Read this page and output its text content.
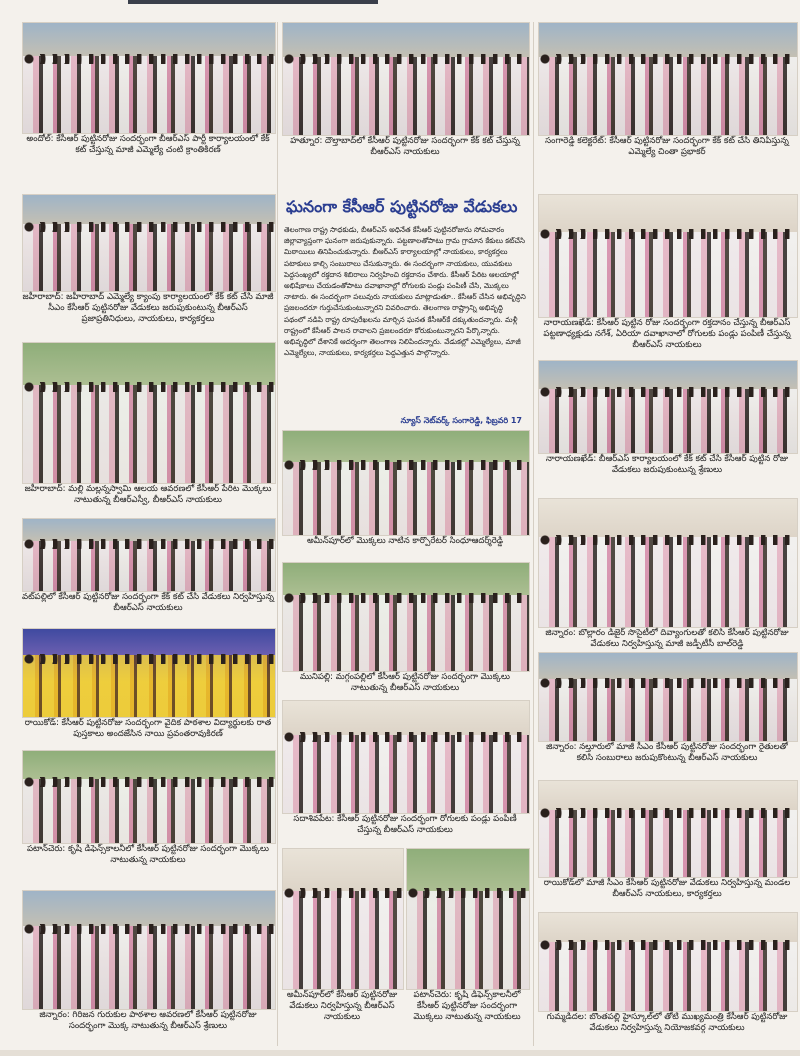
అందోల్: కేసీఆర్ పుట్టినరోజు సందర్భంగా బీఆర్ఎస్ పార్టీ కార్యాలయంలో కేక్ కట్ చేస్తున్న మాజీ ఎమ్మెల్యే చంటి క్రాంతికిరణ్
జహీరాబాద్: జహీరాబాద్ ఎమ్మెల్యే క్యాంపు కార్యాలయంలో కేక్ కట్ చేసి మాజీ సీఎం కేసీఆర్ పుట్టినరోజు వేడుకలు జరుపుకుంటున్న బీఆర్ఎస్ ప్రజాప్రతినిధులు, నాయకులు, కార్యకర్తలు
జహీరాబాద్: మల్లి మల్లన్నస్వామి ఆలయ ఆవరణలో కేసీఆర్ పేరిట మొక్కలు నాటుతున్న బీఆర్ఎస్వీ, బీఆర్ఎస్ నాయకులు
వట్‌పల్లిలో కేసీఆర్ పుట్టినరోజు సందర్భంగా కేక్ కట్ చేసి వేడుకలు నిర్వహిస్తున్న బీఆర్ఎస్ నాయకులు
రాయికోడ్: కేసీఆర్ పుట్టినరోజు సందర్భంగా వైదిక పాఠశాల విద్యార్థులకు రాత పుస్తకాలు అందజేసిన నాయి ప్రవంతరావుకిరణ్
పటాన్‌చెరు: కృషి డిఫెన్స్‌కాలనీలో కేసీఆర్ పుట్టినరోజు సందర్భంగా మొక్కలు నాటుతున్న నాయకులు
జిన్నారం: గిరిజన గురుకుల పాఠశాల ఆవరణలో కేసీఆర్ పుట్టినరోజు సందర్భంగా మొక్క నాటుతున్న బీఆర్ఎస్ శ్రేణులు
హత్నూర: దౌల్తాబాద్‌లో కేసీఆర్ పుట్టినరోజు సందర్భంగా కేక్ కట్ చేస్తున్న బీఆర్ఎస్ నాయకులు
అమీన్‌పూర్‌లో మొక్కలు నాటిన కార్పొరేటర్ సింధూఆదర్శ్‌రెడ్డి
మునిపల్లి: మగ్గంపల్లిలో కేసీఆర్ పుట్టినరోజు సందర్భంగా మొక్కలు నాటుతున్న బీఆర్ఎస్ నాయకులు
సదాశివపేట: కేసీఆర్ పుట్టినరోజు సందర్భంగా రోగులకు పండ్లు పంపిణీ చేస్తున్న బీఆర్ఎస్ నాయకులు
అమీన్‌పూర్‌లో కేసీఆర్ పుట్టినరోజు వేడుకలు నిర్వహిస్తున్న బీఆర్ఎస్ నాయకులు
పటాన్‌చెరు: కృషి డిఫెన్స్‌కాలనీలో కేసీఆర్ పుట్టినరోజు సందర్భంగా మొక్కలు నాటుతున్న నాయకులు
సంగారెడ్డి కలెక్టరేట్: కేసీఆర్ పుట్టినరోజు సందర్భంగా కేక్ కట్ చేసి తినిపిస్తున్న ఎమ్మెల్యే చింతా ప్రభాకర్
నారాయణఖేడ్: కేసీఆర్ పుట్టిన రోజు సందర్భంగా రక్తదానం చేస్తున్న బీఆర్ఎస్ పట్టణాధ్యక్షుడు నగేశ్, ఏరియా దవాఖానాలో రోగులకు పండ్లు పంపిణీ చేస్తున్న బీఆర్ఎస్ నాయకులు
నారాయణఖేడ్: బీఆర్ఎస్ కార్యాలయంలో కేక్ కట్ చేసి కేసీఆర్ పుట్టిన రోజు వేడుకలు జరుపుకుంటున్న శ్రేణులు
జిన్నారం: బొల్లారం డిజైర్ సొసైటీలో దివ్యాంగులతో కలిసి కేసీఆర్ పుట్టినరోజు వేడుకలు నిర్వహిస్తున్న మాజీ జడ్పీటీసీ బాల్‌రెడ్డి
జిన్నారం: నల్తూరులో మాజీ సీఎం కేసీఆర్ పుట్టినరోజు సందర్భంగా రైతులతో కలిసి సంబురాలు జరుపుకొంటున్న బీఆర్ఎస్ నాయకులు
రాయికోడ్‌లో మాజీ సీఎం కేసీఆర్ పుట్టినరోజు వేడుకలు నిర్వహిస్తున్న మండల బీఆర్ఎస్ నాయకులు, కార్యకర్తలు
గుమ్మడిదల: బొంతపల్లి హైస్కూల్‌లో తోటి ముఖ్యమంత్రి కేసీఆర్ పుట్టినరోజు వేడుకలు నిర్వహిస్తున్న నియోజకవర్గ నాయకులు
ఘనంగా కేసీఆర్ పుట్టినరోజు వేడుకలు
తెలంగాణ రాష్ట్ర సాధకుడు, బీఆర్ఎస్ అధినేత కేసీఆర్ పుట్టినరోజును సోమవారం జిల్లావ్యాప్తంగా ఘనంగా జరుపుకున్నారు. పట్టణాలతోపాటు గ్రామ గ్రామాన కేకులు కట్‌చేసి మిఠాయిలు తినిపించుకున్నారు. బీఆర్ఎస్ కార్యాలయాల్లో నాయకులు, కార్యకర్తలు పటాకులు కాల్చి సంబురాలు చేసుకున్నారు. ఈ సందర్భంగా నాయకులు, యువకులు పెద్దసంఖ్యలో రక్తదాన శిబిరాలు నిర్వహించి రక్తదానం చేశారు. కేసీఆర్ పేరిట ఆలయాల్లో అభిషేకాలు చేయడంతోపాటు దవాఖానాల్లో రోగులకు పండ్లు పంపిణీ చేసి, మొక్కలు నాటారు. ఈ సందర్భంగా పలువురు నాయకులు మాట్లాడుతూ.. కేసీఆర్ చేసిన అభివృద్ధిని ప్రజలందరూ గుర్తుచేసుకుంటున్నారని వివరించారు. తెలంగాణ రాష్ట్రాన్ని అభివృద్ధి పథంలో నడిపి రాష్ట్ర రూపురేఖలను మార్చిన ఘనత కేసీఆర్‌కే దక్కుతుందన్నారు. మళ్లీ రాష్ట్రంలో కేసీఆర్ పాలన రావాలని ప్రజలందరూ కోరుకుంటున్నారని పేర్కొన్నారు. అభివృద్ధిలో దేశానికే ఆదర్శంగా తెలంగాణ నిలిపిందన్నారు. వేడుకల్లో ఎమ్మెల్యేలు, మాజీ ఎమ్మెల్యేలు, నాయకులు, కార్యకర్తలు పెద్దఎత్తున పాల్గొన్నారు.
న్యూస్ నెట్‌వర్క్ సంగారెడ్డి, ఫిబ్రవరి 17
